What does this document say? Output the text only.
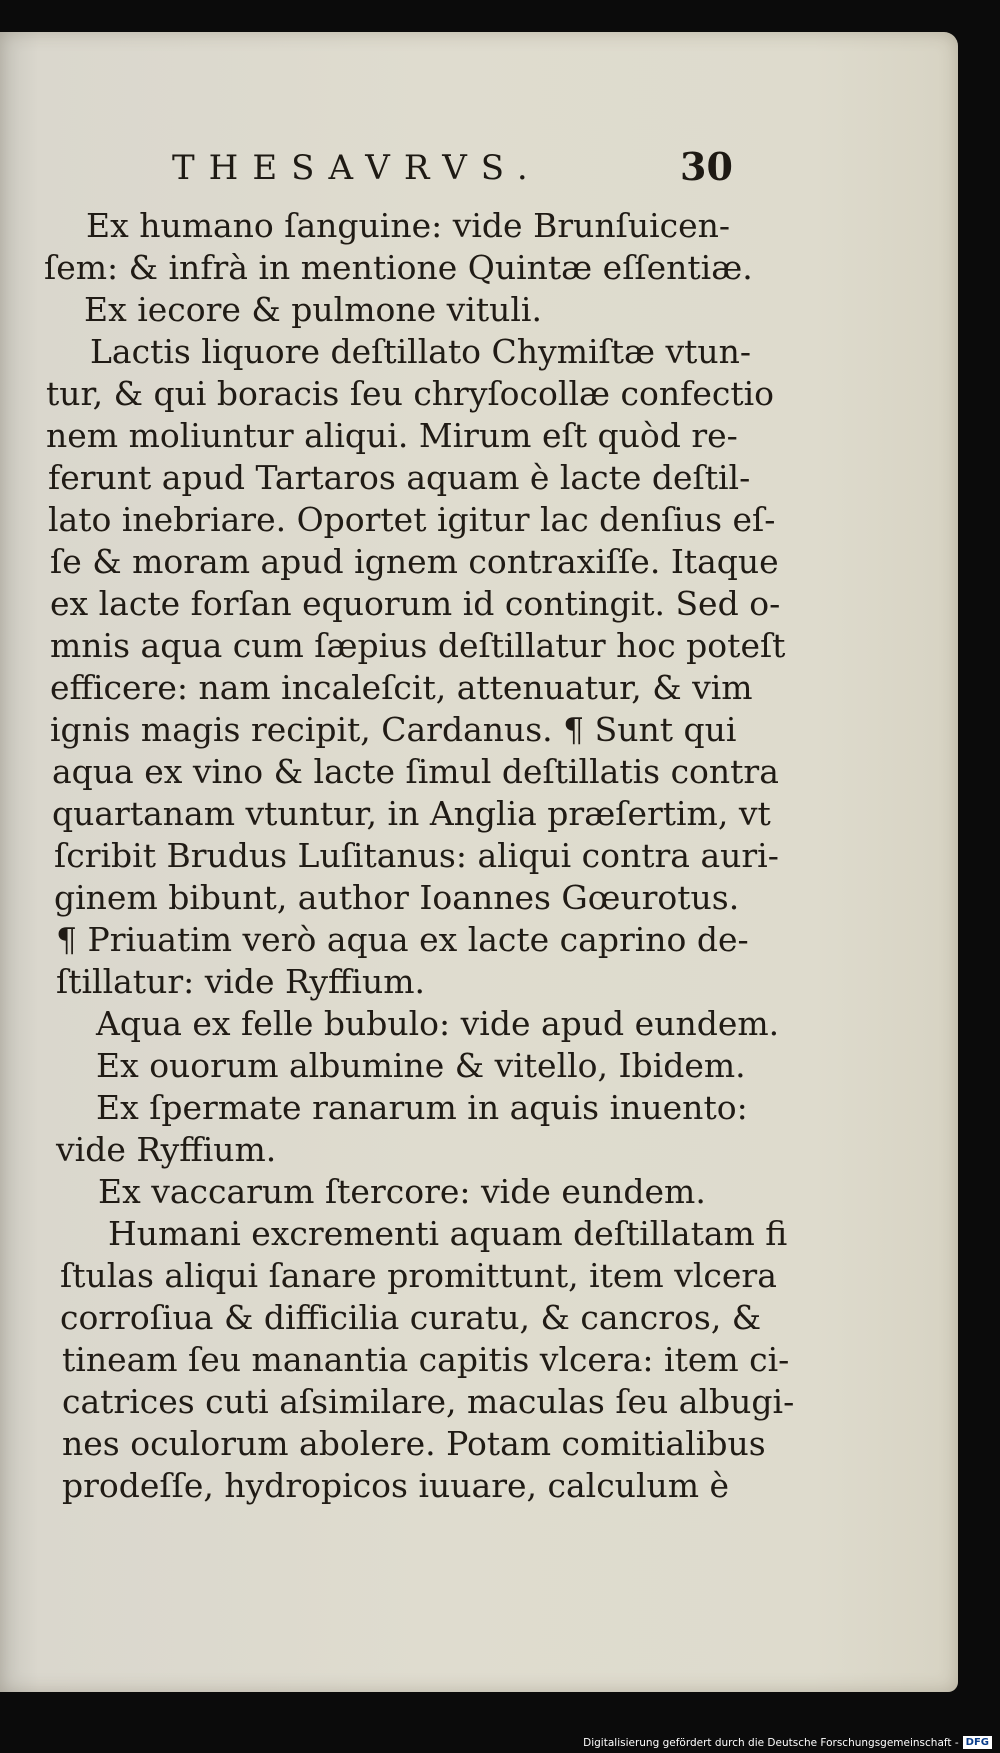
THESAVRVS.	30
Ex humano ſanguine: vide Brunſuicen-
ſem: & infrà in mentione Quintæ eſſentiæ.
Ex iecore & pulmone vituli.
Lactis liquore deſtillato Chymiſtæ vtun-
tur, & qui boracis ſeu chryſocollæ confectio
nem moliuntur aliqui. Mirum eſt quòd re-
ferunt apud Tartaros aquam è lacte deſtil-
lato inebriare. Oportet igitur lac denſius eſ-
ſe & moram apud ignem contraxiſſe. Itaque
ex lacte forſan equorum id contingit. Sed o-
mnis aqua cum ſæpius deſtillatur hoc poteſt
efficere: nam incaleſcit, attenuatur, & vim
ignis magis recipit, Cardanus. ¶ Sunt qui
aqua ex vino & lacte ſimul deſtillatis contra
quartanam vtuntur, in Anglia præſertim, vt
ſcribit Brudus Luſitanus: aliqui contra auri-
ginem bibunt, author Ioannes Gœurotus.
¶ Priuatim verò aqua ex lacte caprino de-
ſtillatur: vide Ryffium.
Aqua ex felle bubulo: vide apud eundem.
Ex ouorum albumine & vitello, Ibidem.
Ex ſpermate ranarum in aquis inuento:
vide Ryffium.
Ex vaccarum ſtercore: vide eundem.
Humani excrementi aquam deſtillatam fi
ſtulas aliqui ſanare promittunt, item vlcera
corroſiua & difficilia curatu, & cancros, &
tineam ſeu manantia capitis vlcera: item ci-
catrices cuti aſsimilare, maculas ſeu albugi-
nes oculorum abolere. Potam comitialibus
prodeſſe, hydropicos iuuare, calculum è
Digitalisierung gefördert durch die Deutsche Forschungsgemeinschaft - DFG
